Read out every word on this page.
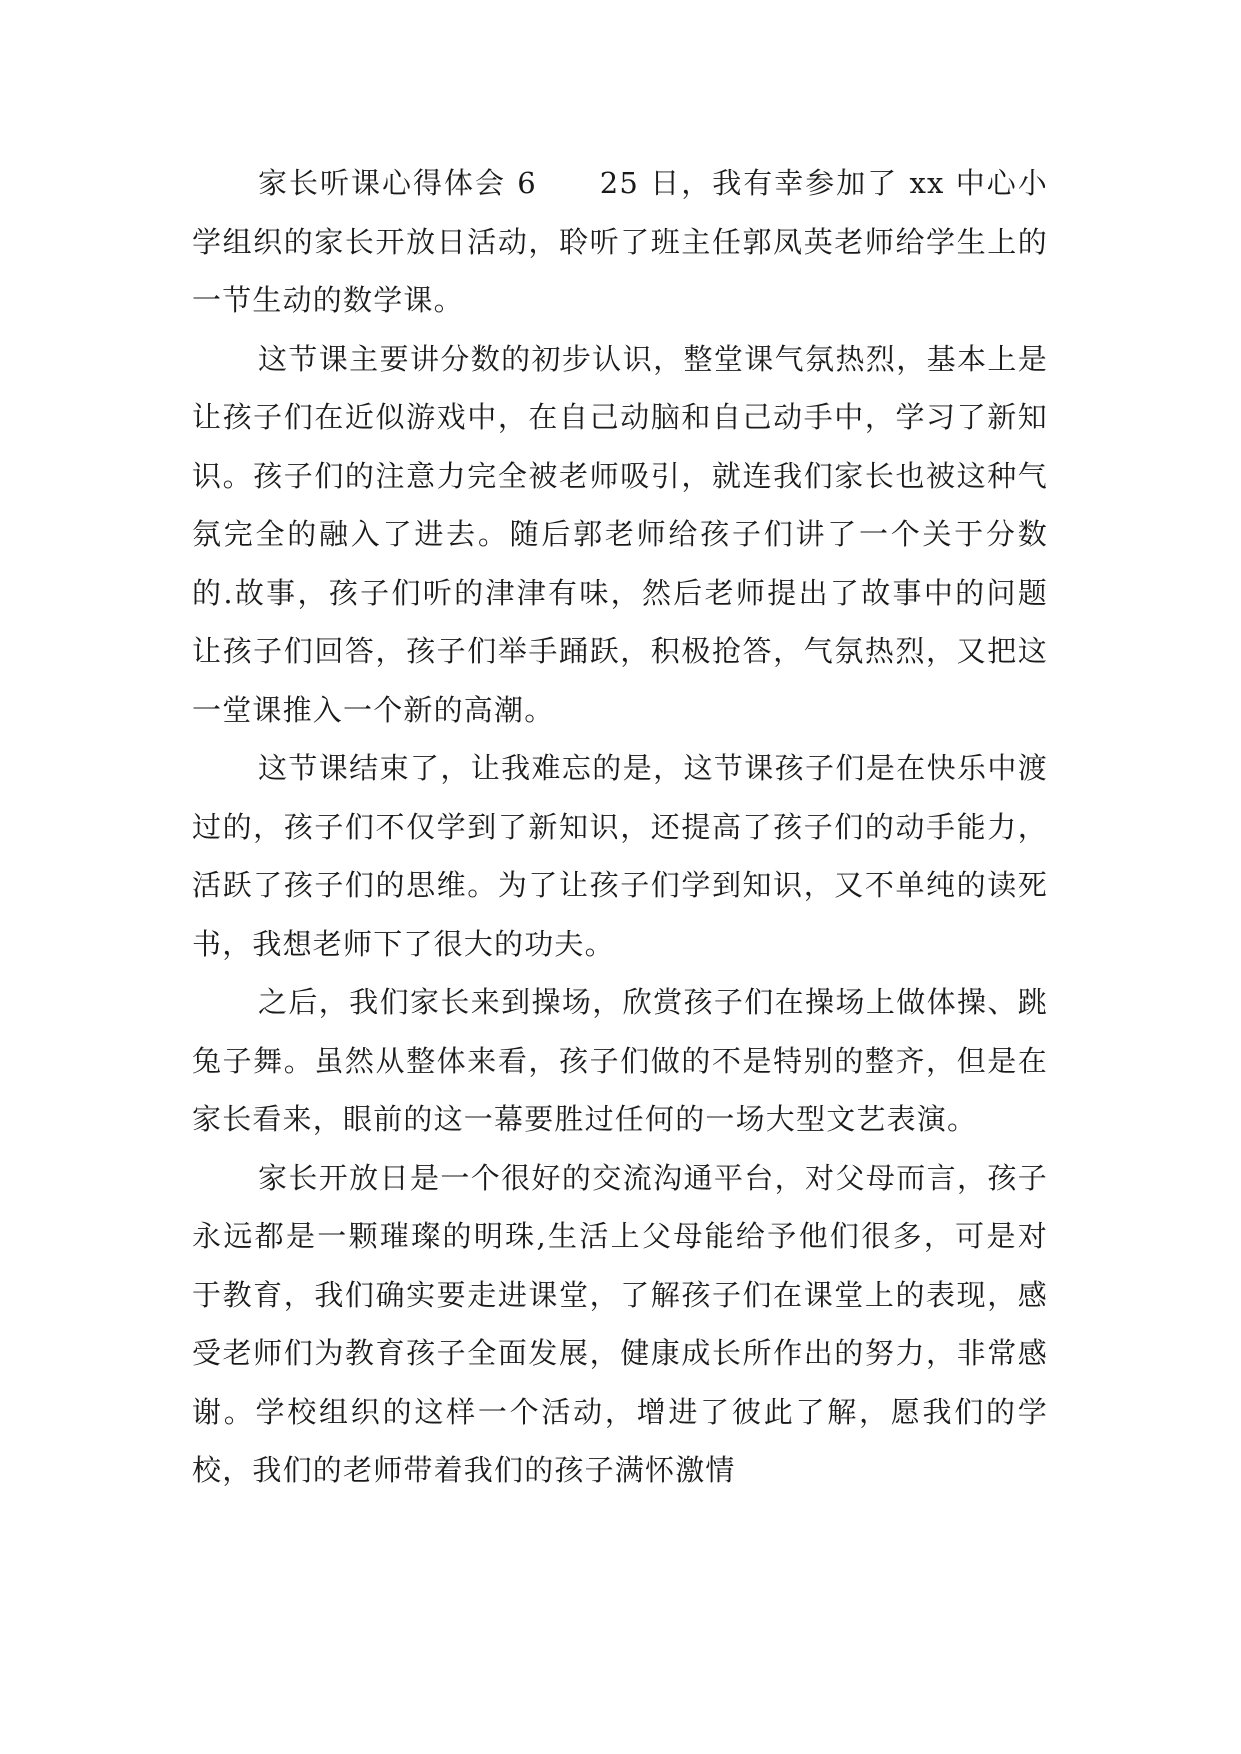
家长听课心得体会 6　　25 日，我有幸参加了 xx 中心小学组织的家长开放日活动，聆听了班主任郭凤英老师给学生上的一节生动的数学课。

这节课主要讲分数的初步认识，整堂课气氛热烈，基本上是让孩子们在近似游戏中，在自己动脑和自己动手中，学习了新知识。孩子们的注意力完全被老师吸引，就连我们家长也被这种气氛完全的融入了进去。随后郭老师给孩子们讲了一个关于分数的.故事，孩子们听的津津有味，然后老师提出了故事中的问题让孩子们回答，孩子们举手踊跃，积极抢答，气氛热烈，又把这一堂课推入一个新的高潮。

这节课结束了，让我难忘的是，这节课孩子们是在快乐中渡过的，孩子们不仅学到了新知识，还提高了孩子们的动手能力，活跃了孩子们的思维。为了让孩子们学到知识，又不单纯的读死书，我想老师下了很大的功夫。

之后，我们家长来到操场，欣赏孩子们在操场上做体操、跳兔子舞。虽然从整体来看，孩子们做的不是特别的整齐，但是在家长看来，眼前的这一幕要胜过任何的一场大型文艺表演。

家长开放日是一个很好的交流沟通平台，对父母而言，孩子永远都是一颗璀璨的明珠,生活上父母能给予他们很多，可是对于教育，我们确实要走进课堂，了解孩子们在课堂上的表现，感受老师们为教育孩子全面发展，健康成长所作出的努力，非常感谢。学校组织的这样一个活动，增进了彼此了解，愿我们的学校，我们的老师带着我们的孩子满怀激情
